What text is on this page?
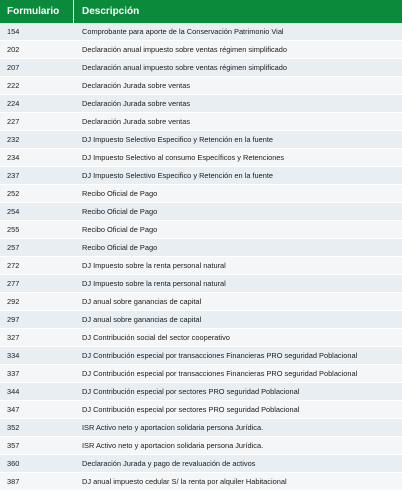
Formulario	Descripción
154	Comprobante para aporte de la Conservación Patrimonio Vial
202	Declaración anual impuesto sobre ventas régimen simplificado
207	Declaración anual impuesto sobre ventas régimen simplificado
222	Declaración Jurada sobre ventas
224	Declaración Jurada sobre ventas
227	Declaración Jurada sobre ventas
232	DJ Impuesto Selectivo Especifico y Retención en la fuente
234	DJ Impuesto Selectivo al consumo Específicos y Retenciones
237	DJ Impuesto Selectivo Especifico y Retención en la fuente
252	Recibo Oficial de Pago
254	Recibo Oficial de Pago
255	Recibo Oficial de Pago
257	Recibo Oficial de Pago
272	DJ Impuesto sobre la renta personal natural
277	DJ Impuesto sobre la renta personal natural
292	DJ anual sobre ganancias de capital
297	DJ anual sobre ganancias de capital
327	DJ Contribución social del sector cooperativo
334	DJ Contribución especial por transacciones Financieras PRO seguridad Poblacional
337	DJ Contribución especial por transacciones Financieras PRO seguridad Poblacional
344	DJ Contribución especial por sectores PRO seguridad Poblacional
347	DJ Contribución especial por sectores PRO seguridad Poblacional
352	ISR Activo neto y aportacion solidaria persona Jurídica.
357	ISR Activo neto y aportacion solidaria persona Jurídica.
360	Declaración Jurada y pago de revaluación de activos
387	DJ anual impuesto cedular S/ la renta por alquiler Habitacional
